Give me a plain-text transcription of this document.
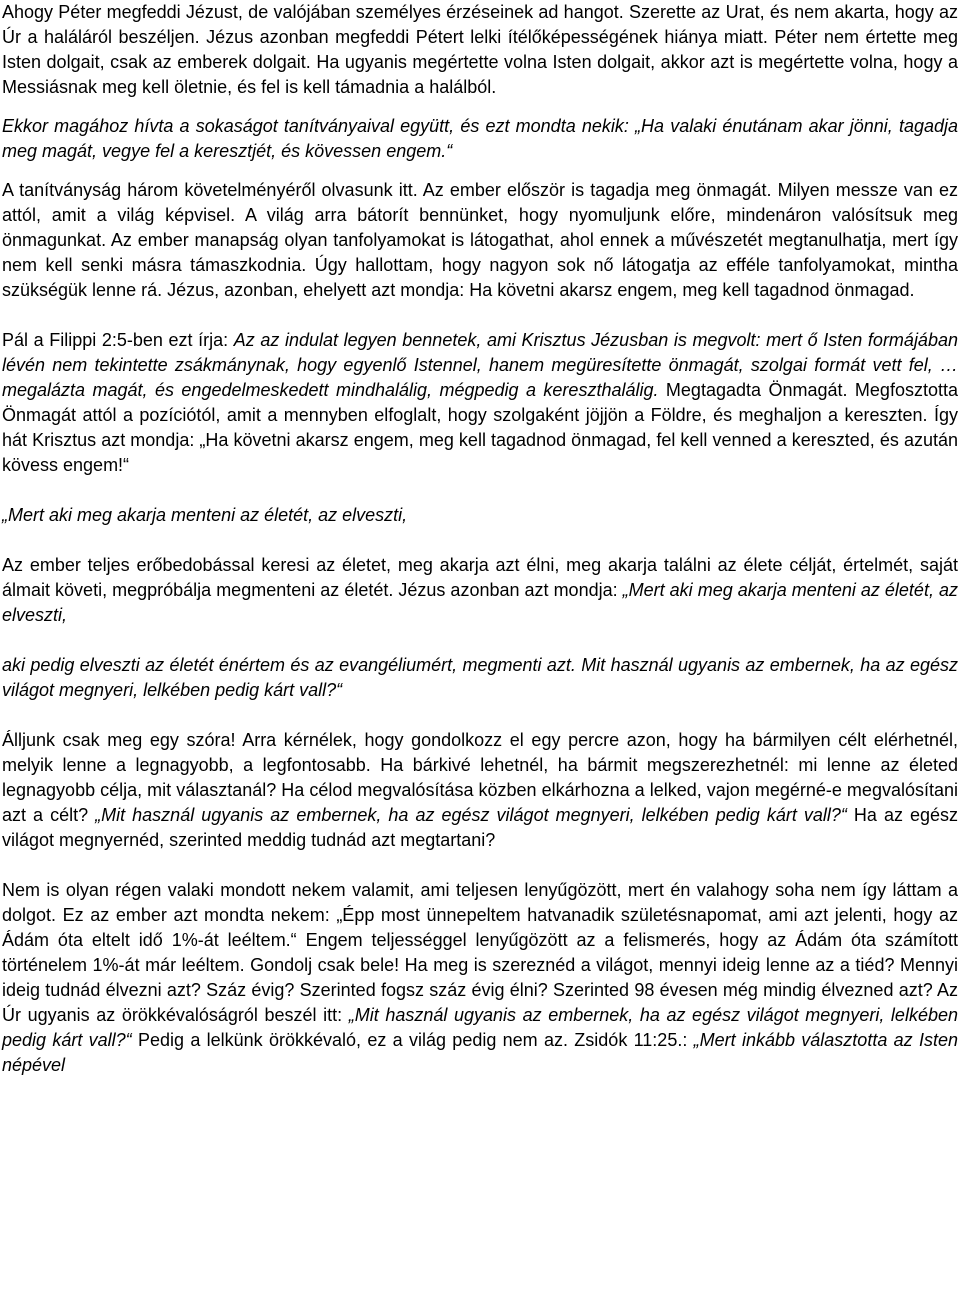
Ahogy Péter megfeddi Jézust, de valójában személyes érzéseinek ad hangot. Szerette az Urat, és nem akarta, hogy az Úr a haláláról beszéljen. Jézus azonban megfeddi Pétert lelki ítélőképességének hiánya miatt. Péter nem értette meg Isten dolgait, csak az emberek dolgait. Ha ugyanis megértette volna Isten dolgait, akkor azt is megértette volna, hogy a Messiásnak meg kell öletnie, és fel is kell támadnia a halálból.

Ekkor magához hívta a sokaságot tanítványaival együtt, és ezt mondta nekik: „Ha valaki énutánam akar jönni, tagadja meg magát, vegye fel a keresztjét, és kövessen engem.“

A tanítványság három követelményéről olvasunk itt. Az ember először is tagadja meg önmagát. Milyen messze van ez attól, amit a világ képvisel. A világ arra bátorít bennünket, hogy nyomuljunk előre, mindenáron valósítsuk meg önmagunkat. Az ember manapság olyan tanfolyamokat is látogathat, ahol ennek a művészetét megtanulhatja, mert így nem kell senki másra támaszkodnia. Úgy hallottam, hogy nagyon sok nő látogatja az efféle tanfolyamokat, mintha szükségük lenne rá. Jézus, azonban, ehelyett azt mondja: Ha követni akarsz engem, meg kell tagadnod önmagad.

Pál a Filippi 2:5-ben ezt írja: Az az indulat legyen bennetek, ami Krisztus Jézusban is megvolt: mert ő Isten formájában lévén nem tekintette zsákmánynak, hogy egyenlő Istennel, hanem megüresítette önmagát, szolgai formát vett fel, … megalázta magát, és engedelmeskedett mindhalálig, mégpedig a kereszthalálig. Megtagadta Önmagát. Megfosztotta Önmagát attól a pozíciótól, amit a mennyben elfoglalt, hogy szolgaként jöjjön a Földre, és meghaljon a kereszten. Így hát Krisztus azt mondja: „Ha követni akarsz engem, meg kell tagadnod önmagad, fel kell venned a kereszted, és azután kövess engem!“

„Mert aki meg akarja menteni az életét, az elveszti,

Az ember teljes erőbedobással keresi az életet, meg akarja azt élni, meg akarja találni az élete célját, értelmét, saját álmait követi, megpróbálja megmenteni az életét. Jézus azonban azt mondja: „Mert aki meg akarja menteni az életét, az elveszti,

aki pedig elveszti az életét énértem és az evangéliumért, megmenti azt. Mit használ ugyanis az embernek, ha az egész világot megnyeri, lelkében pedig kárt vall?“

Álljunk csak meg egy szóra! Arra kérnélek, hogy gondolkozz el egy percre azon, hogy ha bármilyen célt elérhetnél, melyik lenne a legnagyobb, a legfontosabb. Ha bárkivé lehetnél, ha bármit megszerezhetnél: mi lenne az életed legnagyobb célja, mit választanál? Ha célod megvalósítása közben elkárhozna a lelked, vajon megérné-e megvalósítani azt a célt? „Mit használ ugyanis az embernek, ha az egész világot megnyeri, lelkében pedig kárt vall?“ Ha az egész világot megnyernéd, szerinted meddig tudnád azt megtartani?

Nem is olyan régen valaki mondott nekem valamit, ami teljesen lenyűgözött, mert én valahogy soha nem így láttam a dolgot. Ez az ember azt mondta nekem: „Épp most ünnepeltem hatvanadik születésnapomat, ami azt jelenti, hogy az Ádám óta eltelt idő 1%-át leéltem.“ Engem teljességgel lenyűgözött az a felismerés, hogy az Ádám óta számított történelem 1%-át már leéltem. Gondolj csak bele! Ha meg is szereznéd a világot, mennyi ideig lenne az a tiéd? Mennyi ideig tudnád élvezni azt? Száz évig? Szerinted fogsz száz évig élni? Szerinted 98 évesen még mindig élvezned azt? Az Úr ugyanis az örökkévalóságról beszél itt: „Mit használ ugyanis az embernek, ha az egész világot megnyeri, lelkében pedig kárt vall?“ Pedig a lelkünk örökkévaló, ez a világ pedig nem az. Zsidók 11:25.: „Mert inkább választotta az Isten népével
